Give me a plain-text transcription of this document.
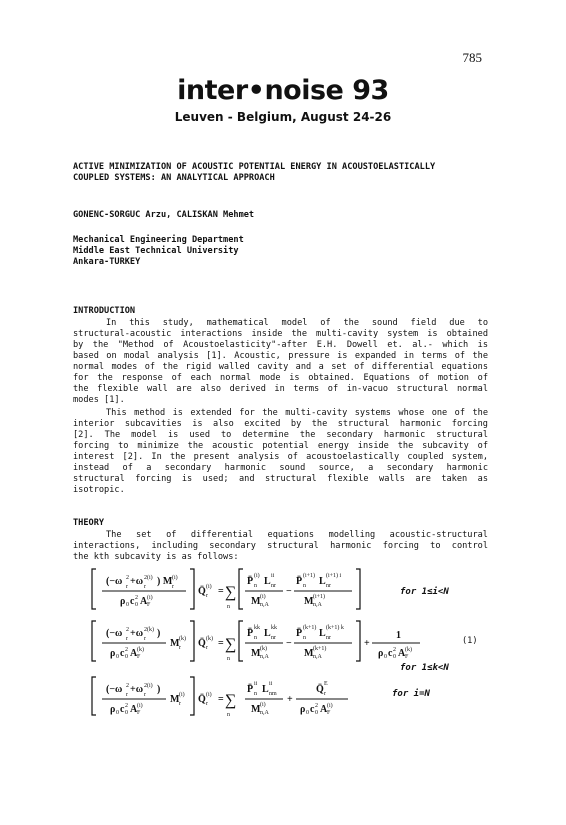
785
inter•noise 93
Leuven - Belgium, August 24-26
ACTIVE MINIMIZATION OF ACOUSTIC POTENTIAL ENERGY IN ACOUSTOELASTICALLY
COUPLED SYSTEMS: AN ANALYTICAL APPROACH
GONENC-SORGUC Arzu, CALISKAN Mehmet
Mechanical Engineering Department
Middle East Technical University
Ankara-TURKEY
INTRODUCTION
In this study, mathematical model of the sound field due to
structural-acoustic interactions inside the multi-cavity system is obtained
by the "Method of Acoustoelasticity"-after E.H. Dowell et. al.- which is
based on modal analysis [1]. Acoustic, pressure is expanded in terms of the
normal modes of the rigid walled cavity and a set of differential equations
for the response of each normal mode is obtained. Equations of motion of
the flexible wall are also derived in terms of in-vacuo structural normal
modes [1].
This method is extended for the multi-cavity systems whose one of the
interior subcavities is also excited by the structural harmonic forcing
[2]. The model is used to determine the secondary harmonic structural
forcing to minimize the acoustic potential energy inside the subcavity of
interest [2]. In the present analysis of acoustoelastically coupled system,
instead of a secondary harmonic sound source, a secondary harmonic
structural forcing is used; and structural flexible walls are taken as
isotropic.
THEORY
The set of differential equations modelling acoustic-structural
interactions, including secondary structural harmonic forcing to control
the kth subcavity is as follows:
(−ω r
2 +ω r
2(i) ) M r
(i)
ρ 0 c 0
2 A F
(i)
Q̄ r
(i) = ∑
n
P̄ n
(i) L nr
ii
M n,A
(i) −
P̄ n
(i+1) L nr
(i+1) i
M n,A
(i+1)
(−ω r
2 +ω r
2(k) )
ρ 0 c 0
2 A F
(k)
M r
(k) Q̄ r
(k) = ∑
n
P̄ n
kk L nr
kk
M n,A
(k) −
P̄ n
(k+1) L nr
(k+1) k
M n,A
(k+1)	+
1
ρ 0 c 0
2 A F
(k)
(−ω r
2 +ω r
2(i) )
ρ 0 c 0
2 A F
(i)
M r
(i) Q̄ r
(i) = ∑
n
P̄ n
ii L nm
ii
M n,A
(i) +
Q̄ r
E
ρ 0 c 0
2 A F
(i)
for 1≤i<N
(1)
for 1≤k<N
for i=N
